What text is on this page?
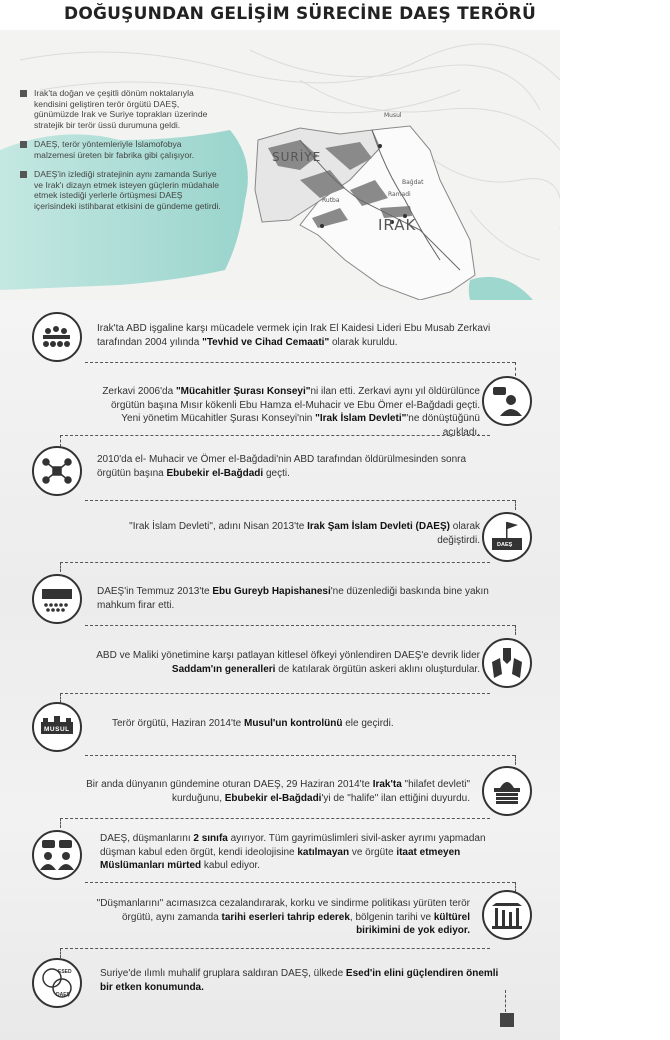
DOĞUŞUNDAN GELİŞİM SÜRECİNE DAEŞ TERÖRÜ
SURİYE
IRAK
Musul
Bağdat
Ramadi
Rutba
Irak'ta doğan ve çeşitli dönüm noktalarıyla kendisini geliştiren terör örgütü DAEŞ, günümüzde Irak ve Suriye toprakları üzerinde stratejik bir terör üssü durumuna geldi.
DAEŞ, terör yöntemleriyle İslamofobya malzemesi üreten bir fabrika gibi çalışıyor.
DAEŞ'in izlediği stratejinin aynı zamanda Suriye ve Irak'ı dizayn etmek isteyen güçlerin müdahale etmek istediği yerlerle örtüşmesi DAEŞ içerisindeki istihbarat etkisini de gündeme getirdi.
Irak'ta ABD işgaline karşı mücadele vermek için Irak El Kaidesi Lideri Ebu Musab Zerkavi tarafından 2004 yılında "Tevhid ve Cihad Cemaati" olarak kuruldu.
Zerkavi 2006'da "Mücahitler Şurası Konseyi"ni ilan etti. Zerkavi aynı yıl öldürülünce örgütün başına Mısır kökenli Ebu Hamza el-Muhacir ve Ebu Ömer el-Bağdadi geçti. Yeni yönetim Mücahitler Şurası Konseyi'nin "Irak İslam Devleti"'ne dönüştüğünü açıkladı.
2010'da el- Muhacir ve Ömer el-Bağdadi'nin ABD tarafından öldürülmesinden sonra örgütün başına Ebubekir el-Bağdadi geçti.
"Irak İslam Devleti", adını Nisan 2013'te Irak Şam İslam Devleti (DAEŞ) olarak değiştirdi.	DAEŞ
DAEŞ'in Temmuz 2013'te Ebu Gureyb Hapishanesi'ne düzenlediği baskında bine yakın mahkum firar etti.
ABD ve Maliki yönetimine karşı patlayan kitlesel öfkeyi yönlendiren DAEŞ'e devrik lider Saddam'ın generalleri de katılarak örgütün askeri aklını oluşturdular.
MUSUL
Terör örgütü, Haziran 2014'te Musul'un kontrolünü ele geçirdi.
Bir anda dünyanın gündemine oturan DAEŞ, 29 Haziran 2014'te Irak'ta "hilafet devleti" kurduğunu, Ebubekir el-Bağdadi'yi de "halife" ilan ettiğini duyurdu.
DAEŞ, düşmanlarını 2 sınıfa ayırıyor. Tüm gayrimüslimleri sivil-asker ayrımı yapmadan düşman kabul eden örgüt, kendi ideolojisine katılmayan ve örgüte itaat etmeyen Müslümanları mürted kabul ediyor.
"Düşmanlarını" acımasızca cezalandırarak, korku ve sindirme politikası yürüten terör örgütü, aynı zamanda tarihi eserleri tahrip ederek, bölgenin tarihi ve kültürel birikimini de yok ediyor.
ESED
DAEŞ
Suriye'de ılımlı muhalif gruplara saldıran DAEŞ, ülkede Esed'in elini güçlendiren önemli bir etken konumunda.
